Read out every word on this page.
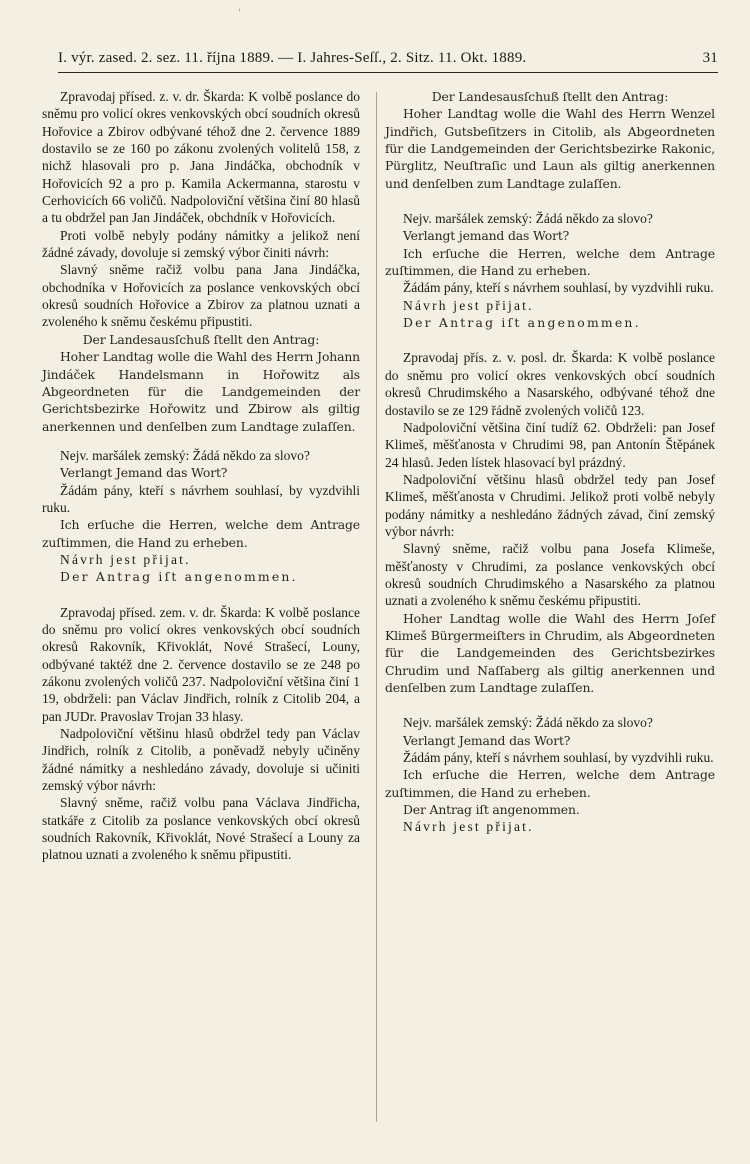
'
I. výr. zased. 2. sez. 11. října 1889. — I. Jahres-Seſſ., 2. Sitz. 11. Okt. 1889.	31

Zpravodaj přísed. z. v. dr. Škarda: K volbě poslance do sněmu pro volicí okres venkovských obcí soudních okresů Hořovice a Zbirov odbývané téhož dne 2. července 1889 dostavilo se ze 160 po zákonu zvolených volitelů 158, z nichž hlasovali pro p. Jana Jindáčka, obchodník v Hořovicích 92 a pro p. Kamila Ackermanna, starostu v Cerhovicích 66 voličů. Nadpoloviční většina činí 80 hlasů a tu obdržel pan Jan Jindáček, obchdník v Hořovicích.

Proti volbě nebyly podány námitky a jelikož není žádné závady, dovoluje si zemský výbor činiti návrh:

Slavný sněme račiž volbu pana Jana Jindáčka, obchodníka v Hořovicích za poslance venkovských obcí okresů soudních Hořovice a Zbirov za platnou uznati a zvoleného k sněmu českému připustiti.

Der Landesausſchuß ſtellt den Antrag:

Hoher Landtag wolle die Wahl des Herrn Johann Jindáček Handelsmann in Hořowitz als Abgeordneten für die Landgemeinden der Gerichtsbezirke Hořowitz und Zbirow als giltig anerkennen und denſelben zum Landtage zulaſſen.

Nejv. maršálek zemský: Žádá někdo za slovo?

Verlangt Jemand das Wort?

Žádám pány, kteří s návrhem souhlasí, by vyzdvihli ruku.

Ich erſuche die Herren, welche dem Antrage zuſtimmen, die Hand zu erheben.

Návrh jest přijat.

Der Antrag iſt angenommen.

Zpravodaj přísed. zem. v. dr. Škarda: K volbě poslance do sněmu pro volicí okres venkovských obcí soudních okresů Rakovník, Křivoklát, Nové Strašecí, Louny, odbývané taktéž dne 2. července dostavilo se ze 248 po zákonu zvolených voličů 237. Nadpoloviční většina činí 1 19, obdrželi: pan Václav Jindřich, rolník z Citolib 204, a pan JUDr. Pravoslav Trojan 33 hlasy.

Nadpoloviční většinu hlasů obdržel tedy pan Václav Jindřich, rolník z Citolib, a poněvadž nebyly učiněny žádné námitky a neshledáno závady, dovoluje si učiniti zemský výbor návrh:

Slavný sněme, račiž volbu pana Václava Jindřicha, statkáře z Citolib za poslance venkovských obcí okresů soudních Rakovník, Křivoklát, Nové Strašecí a Louny za platnou uznati a zvoleného k sněmu připustiti.

Der Landesausſchuß ſtellt den Antrag:

Hoher Landtag wolle die Wahl des Herrn Wenzel Jindřich, Gutsbeſitzers in Citolib, als Abgeordneten für die Landgemeinden der Gerichtsbezirke Rakonic, Pürglitz, Neuſtraſic und Laun als giltig anerkennen und denſelben zum Landtage zulaſſen.

Nejv. maršálek zemský: Žádá někdo za slovo?

Verlangt jemand das Wort?

Ich erſuche die Herren, welche dem Antrage zuſtimmen, die Hand zu erheben.

Žádám pány, kteří s návrhem souhlasí, by vyzdvihli ruku.

Návrh jest přijat.

Der Antrag iſt angenommen.

Zpravodaj přís. z. v. posl. dr. Škarda: K volbě poslance do sněmu pro volicí okres venkovských obcí soudních okresů Chrudimského a Nasarského, odbývané téhož dne dostavilo se ze 129 řádně zvolených voličů 123.

Nadpoloviční většina činí tudíž 62. Obdrželi: pan Josef Klimeš, měšťanosta v Chrudimi 98, pan Antonín Štěpánek 24 hlasů. Jeden lístek hlasovací byl prázdný.

Nadpoloviční většinu hlasů obdržel tedy pan Josef Klimeš, měšťanosta v Chrudimi. Jelikož proti volbě nebyly podány námitky a neshledáno žádných závad, činí zemský výbor návrh:

Slavný sněme, račiž volbu pana Josefa Klimeše, měšťanosty v Chrudimi, za poslance venkovských obcí okresů soudních Chrudimského a Nasarského za platnou uznati a zvoleného k sněmu českému připustiti.

Hoher Landtag wolle die Wahl des Herrn Joſef Klimeš Bürgermeiſters in Chrudim, als Abgeordneten für die Landgemeinden des Gerichtsbezirkes Chrudim und Naſſaberg als giltig anerkennen und denſelben zum Landtage zulaſſen.

Nejv. maršálek zemský: Žádá někdo za slovo?

Verlangt Jemand das Wort?

Žádám pány, kteří s návrhem souhlasí, by vyzdvihli ruku.

Ich erſuche die Herren, welche dem Antrage zuſtimmen, die Hand zu erheben.

Der Antrag iſt angenommen.

Návrh jest přijat.
